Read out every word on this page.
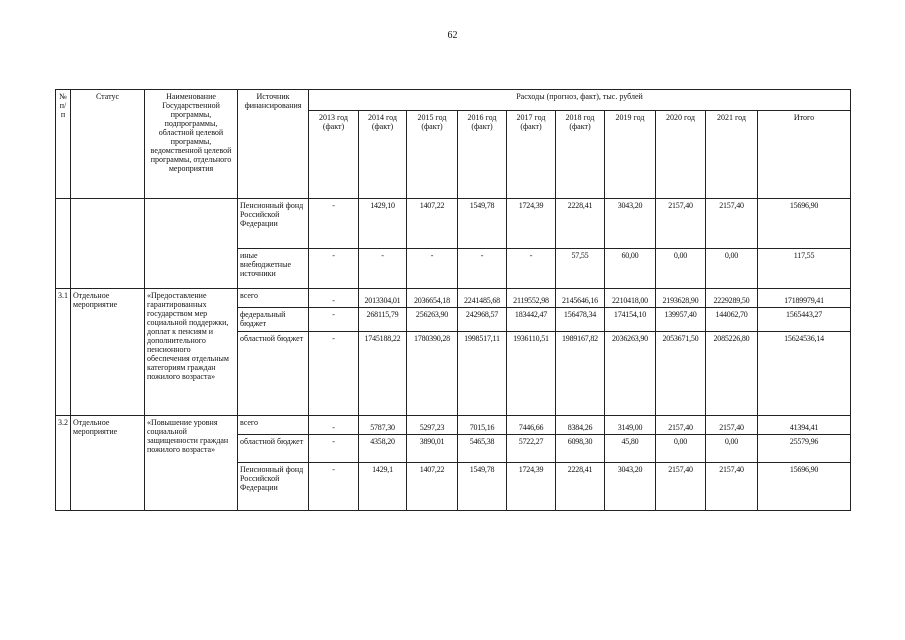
62
№ п/п	Статус	Наименование Государственной программы, подпрограммы, областной целевой программы, ведомственной целевой программы, отдельного мероприятия	Источник финансирования	Расходы (прогноз, факт), тыс. рублей									
				2013 год (факт)	2014 год (факт)	2015 год (факт)	2016 год (факт)	2017 год (факт)	2018 год (факт)	2019 год	2020 год	2021 год	Итого
			Пенсионный фонд Российской Федерации	-	1429,10	1407,22	1549,78	1724,39	2228,41	3043,20	2157,40	2157,40	15696,90
			иные внебюджетные источники	-	-	-	-	-	57,55	60,00	0,00	0,00	117,55
3.1	Отдельное мероприятие	«Предоставление гарантированных государством мер социальной поддержки, доплат к пенсиям и дополнительного пенсионного обеспечения отдельным категориям граждан пожилого возраста»	всего	-	2013304,01	2036654,18	2241485,68	2119552,98	2145646,16	2210418,00	2193628,90	2229289,50	17189979,41
			федеральный бюджет	-	268115,79	256263,90	242968,57	183442,47	156478,34	174154,10	139957,40	144062,70	1565443,27
			областной бюджет	-	1745188,22	1780390,28	1998517,11	1936110,51	1989167,82	2036263,90	2053671,50	2085226,80	15624536,14
3.2	Отдельное мероприятие	«Повышение уровня социальной защищенности граждан пожилого возраста»	всего	-	5787,30	5297,23	7015,16	7446,66	8384,26	3149,00	2157,40	2157,40	41394,41
			областной бюджет	-	4358,20	3890,01	5465,38	5722,27	6098,30	45,80	0,00	0,00	25579,96
			Пенсионный фонд Российской Федерации	-	1429,1	1407,22	1549,78	1724,39	2228,41	3043,20	2157,40	2157,40	15696,90
